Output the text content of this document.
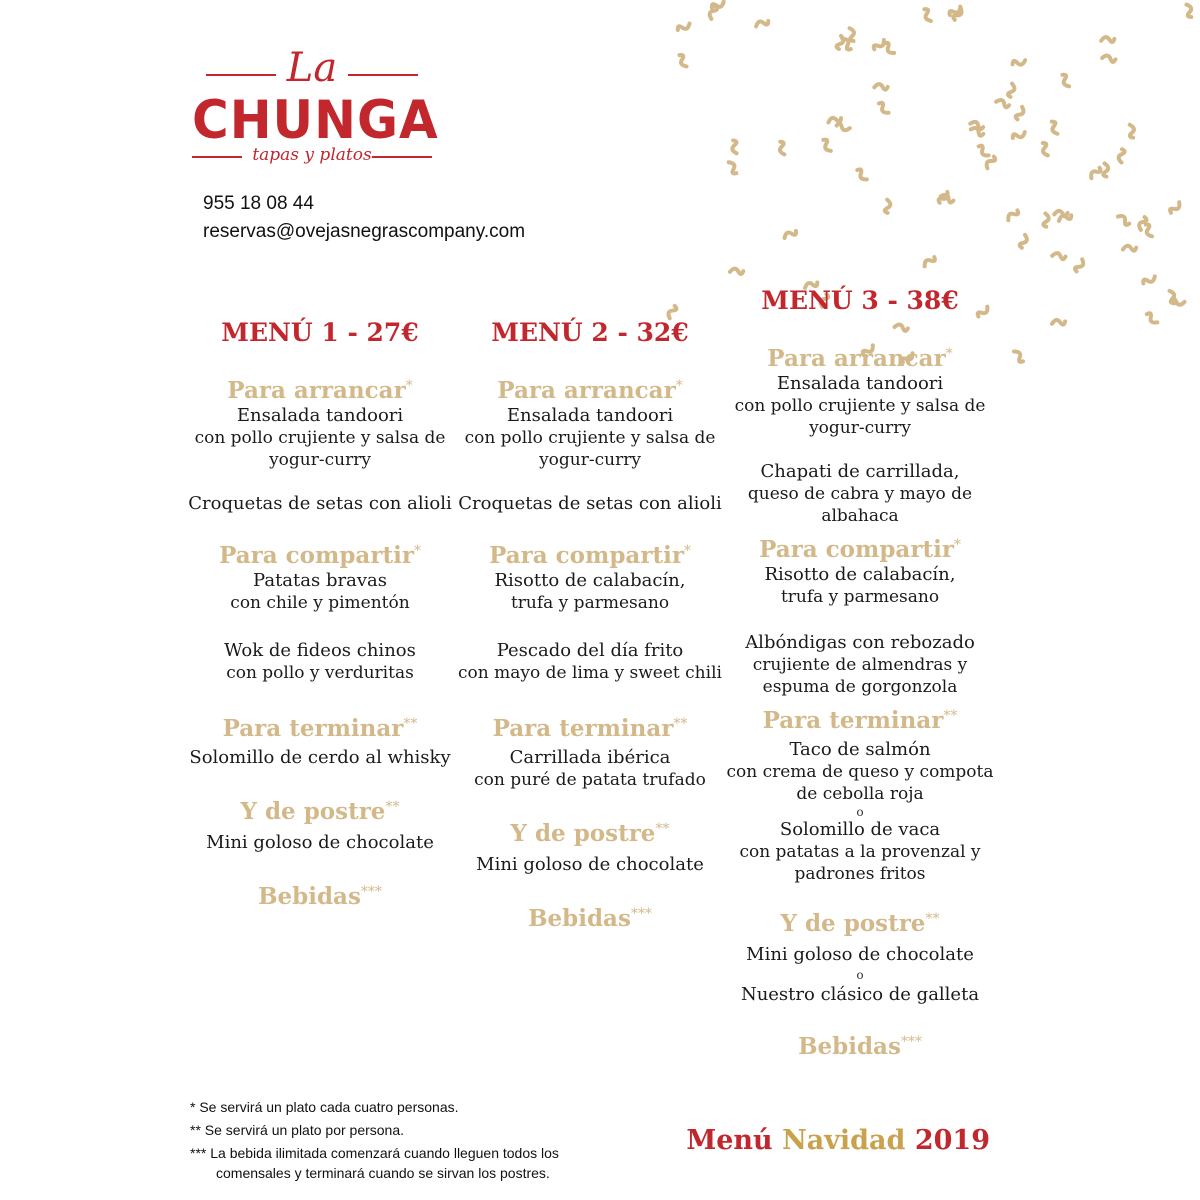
La
CHUNGA
tapas y platos
955 18 08 44
reservas@ovejasnegrascompany.com
MENÚ 1 - 27€
Para arrancar*
Ensalada tandoori
con pollo crujiente y salsa de yogur-curry
Croquetas de setas con alioli
Para compartir*
Patatas bravas
con chile y pimentón
Wok de fideos chinos
con pollo y verduritas
Para terminar**
Solomillo de cerdo al whisky
Y de postre**
Mini goloso de chocolate
Bebidas***
MENÚ 2 - 32€
Para arrancar*
Ensalada tandoori
con pollo crujiente y salsa de yogur-curry
Croquetas de setas con alioli
Para compartir*
Risotto de calabacín,
trufa y parmesano
Pescado del día frito
con mayo de lima y sweet chili
Para terminar**
Carrillada ibérica
con puré de patata trufado
Y de postre**
Mini goloso de chocolate
Bebidas***
MENÚ 3 - 38€
Para arrancar*
Ensalada tandoori
con pollo crujiente y salsa de yogur-curry
Chapati de carrillada,
queso de cabra y mayo de albahaca
Para compartir*
Risotto de calabacín,
trufa y parmesano
Albóndigas con rebozado
crujiente de almendras y espuma de gorgonzola
Para terminar**
Taco de salmón
con crema de queso y compota de cebolla roja
o
Solomillo de vaca
con patatas a la provenzal y padrones fritos
Y de postre**
Mini goloso de chocolate
o
Nuestro clásico de galleta
Bebidas***
* Se servirá un plato cada cuatro personas.
** Se servirá un plato por persona.
*** La bebida ilimitada comenzará cuando lleguen todos los
comensales y terminará cuando se sirvan los postres.
Menú Navidad 2019
